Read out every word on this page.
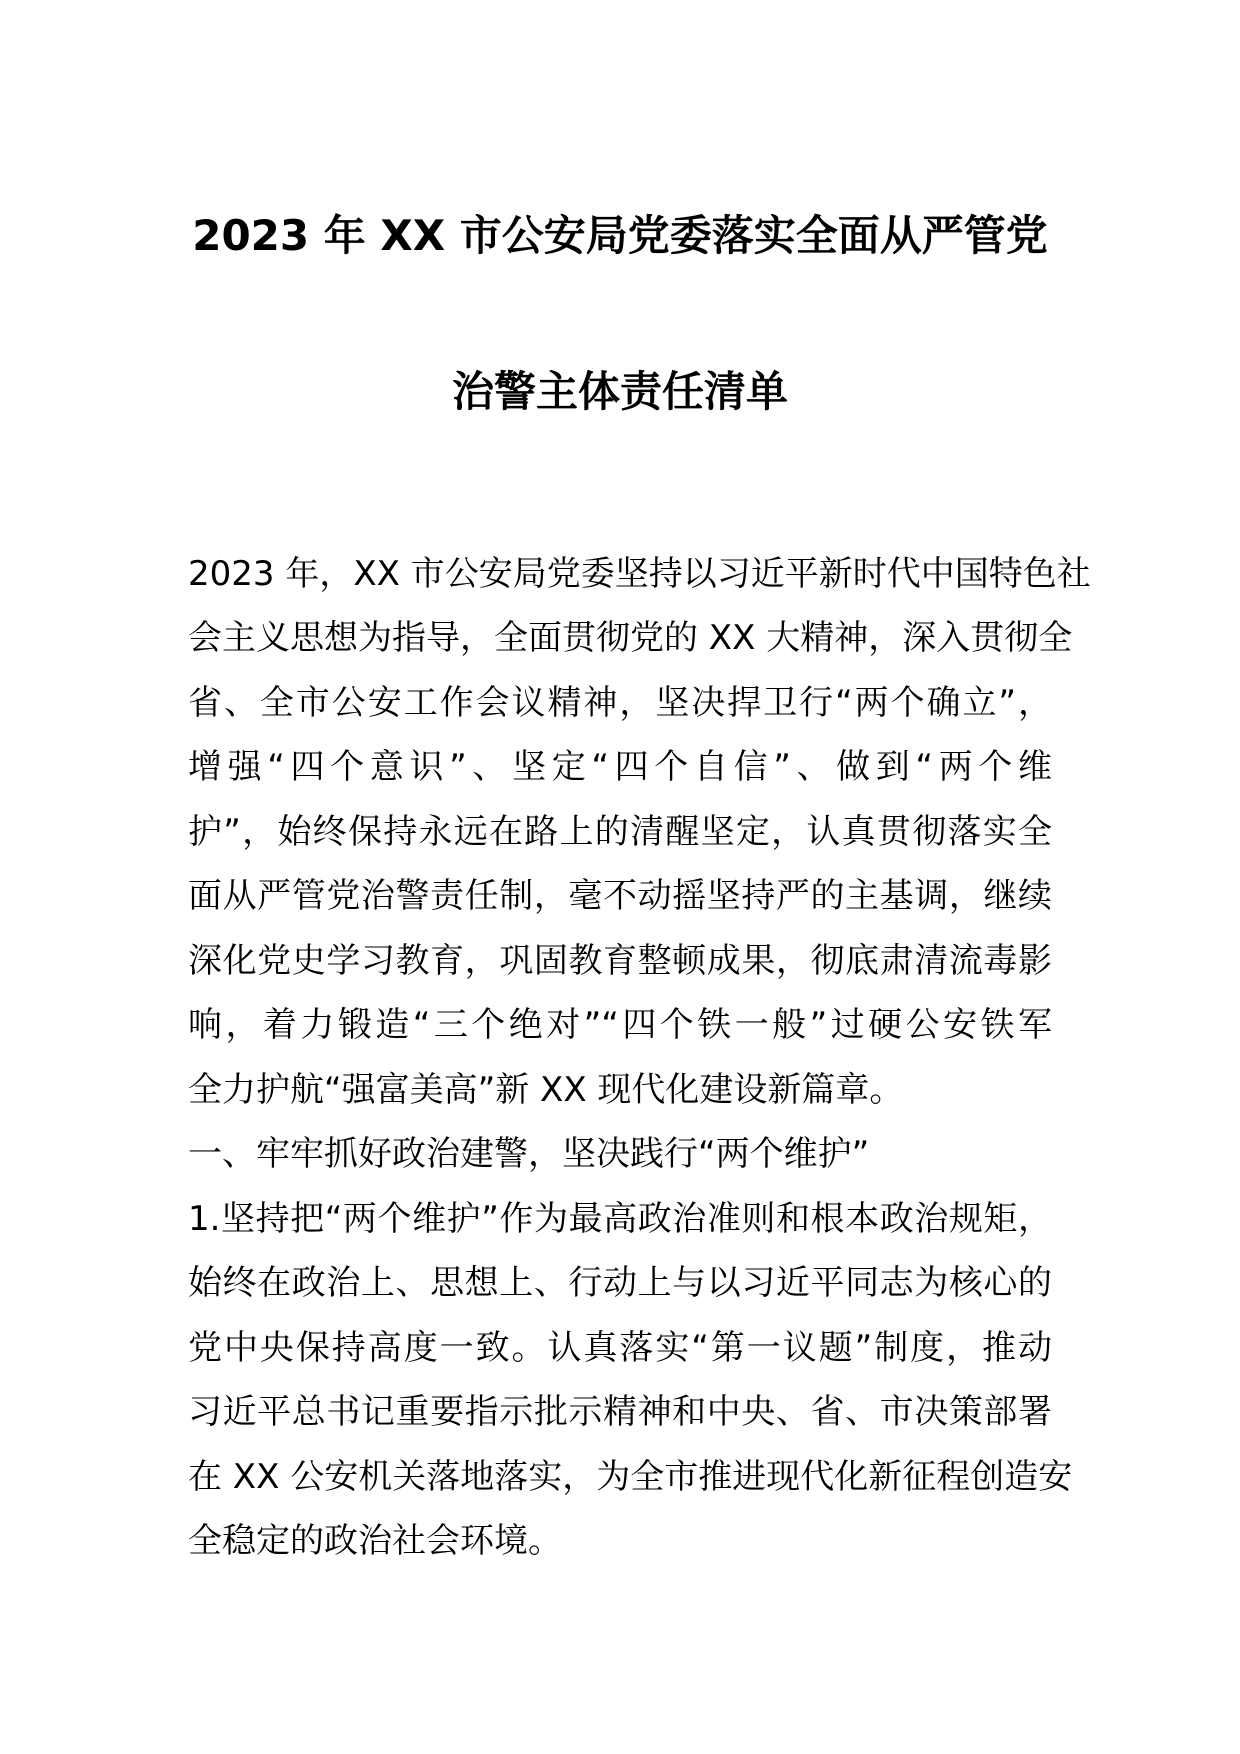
2023 年 XX 市公安局党委落实全面从严管党
治警主体责任清单
2023 年，XX 市公安局党委坚持以习近平新时代中国特色社
会主义思想为指导，全面贯彻党的 XX 大精神，深入贯彻全
省、全市公安工作会议精神，坚决捍卫行“两个确立”，
增强“四个意识”、坚定“四个自信”、做到“两个维
护”，始终保持永远在路上的清醒坚定，认真贯彻落实全
面从严管党治警责任制，毫不动摇坚持严的主基调，继续
深化党史学习教育，巩固教育整顿成果，彻底肃清流毒影
响，着力锻造“三个绝对”“四个铁一般”过硬公安铁军
全力护航“强富美高”新 XX 现代化建设新篇章。
一、牢牢抓好政治建警，坚决践行“两个维护”
1.坚持把“两个维护”作为最高政治准则和根本政治规矩，
始终在政治上、思想上、行动上与以习近平同志为核心的
党中央保持高度一致。认真落实“第一议题”制度，推动
习近平总书记重要指示批示精神和中央、省、市决策部署
在 XX 公安机关落地落实，为全市推进现代化新征程创造安
全稳定的政治社会环境。
